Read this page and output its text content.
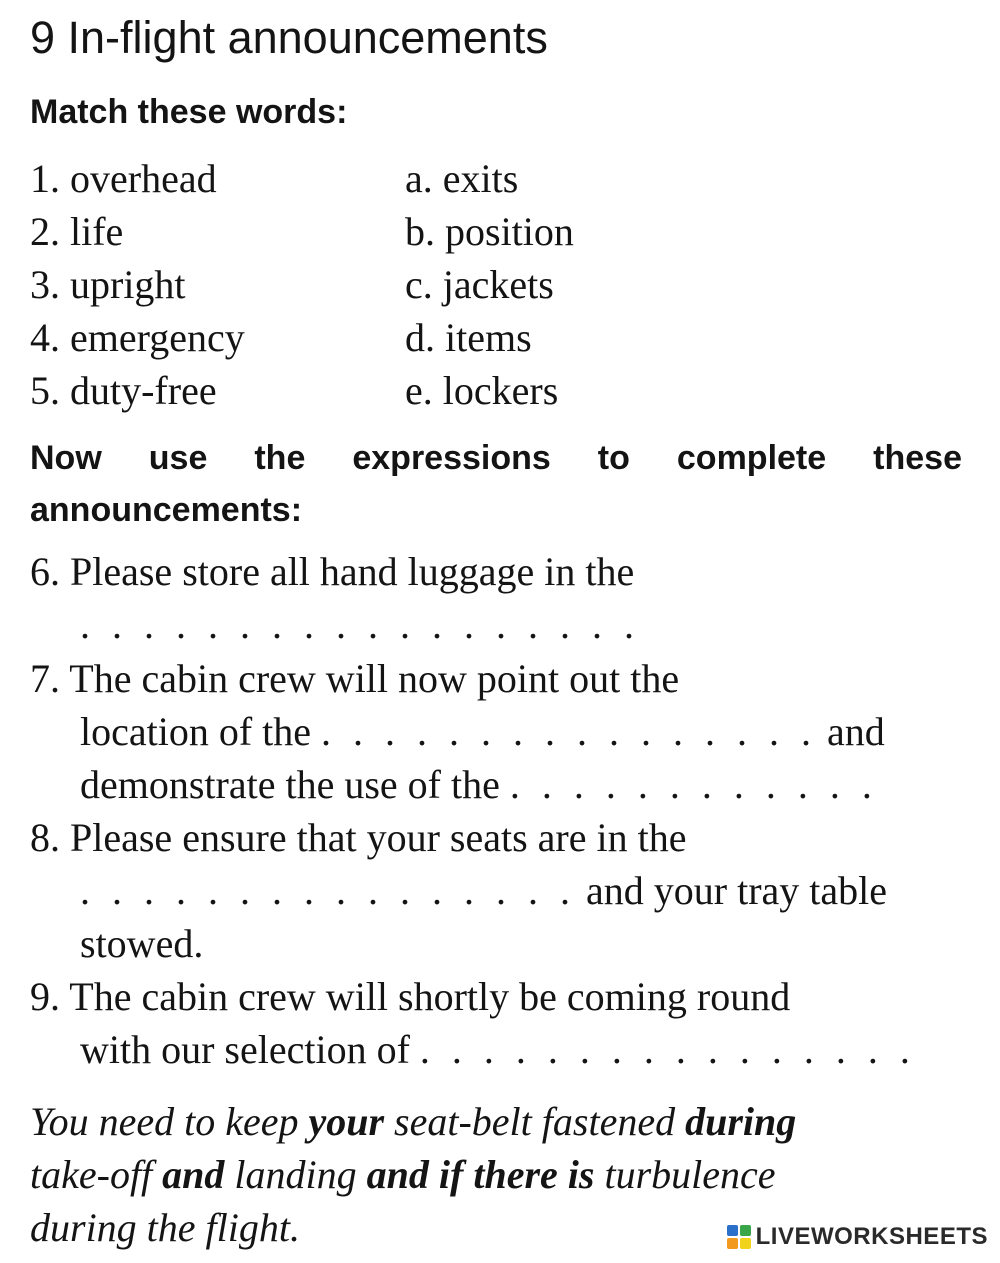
9 In-flight announcements
Match these words:
1. overhead
2. life
3. upright
4. emergency
5. duty-free
a. exits
b. position
c. jackets
d. items
e. lockers
Now use the expressions to complete these announcements:
6. Please store all hand luggage in the
. . . . . . . . . . . . . . . . . .
7. The cabin crew will now point out the
location of the . . . . . . . . . . . . . . . . and
demonstrate the use of the . . . . . . . . . . . .
8. Please ensure that your seats are in the
. . . . . . . . . . . . . . . . and your tray table
stowed.
9. The cabin crew will shortly be coming round
with our selection of . . . . . . . . . . . . . . . .
You need to keep your seat-belt fastened during
take-off and landing and if there is turbulence
during the flight.	LIVEWORKSHEETS
